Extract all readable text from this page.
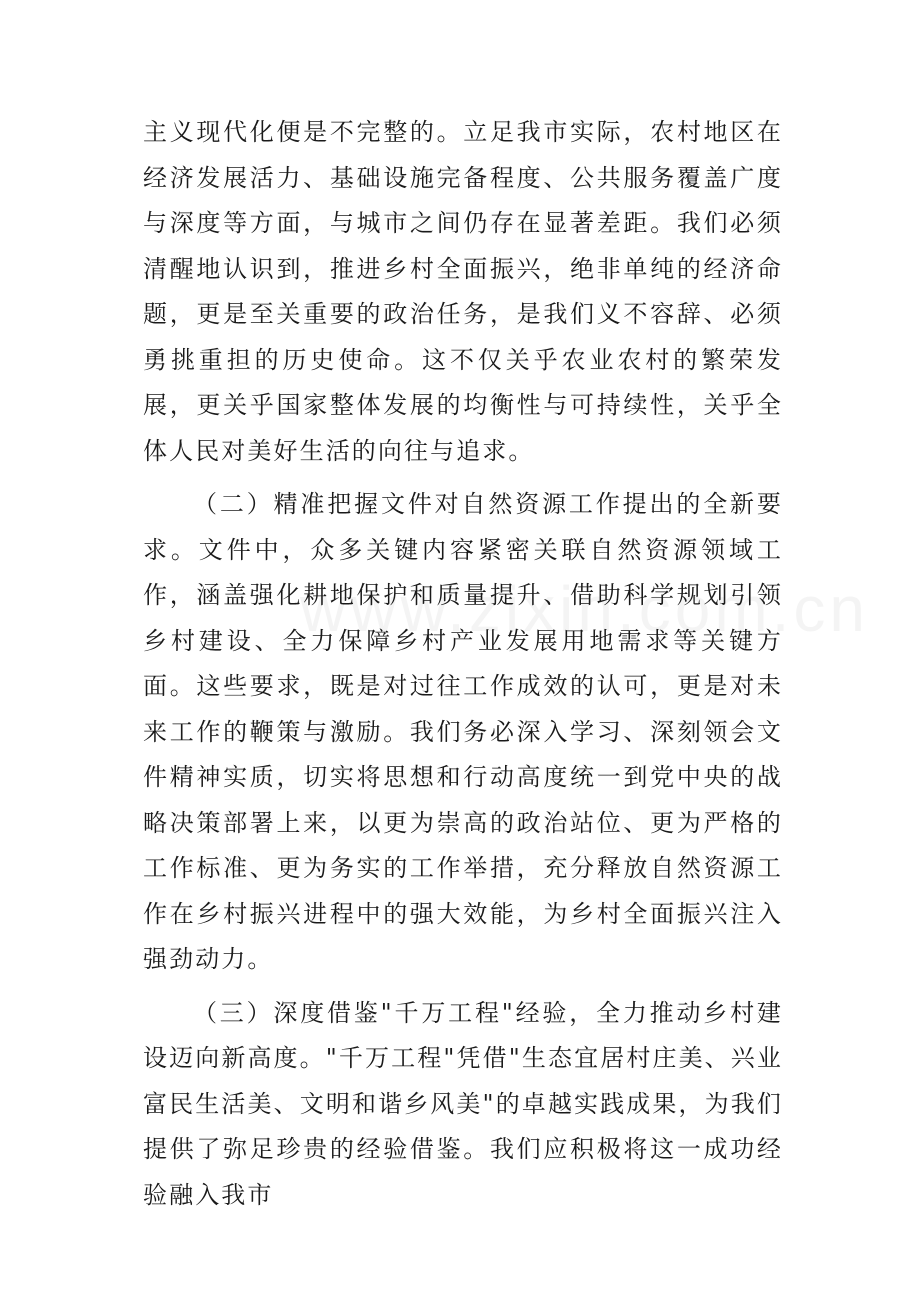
主义现代化便是不完整的。立足我市实际，农村地区在经济发展活力、基础设施完备程度、公共服务覆盖广度与深度等方面，与城市之间仍存在显著差距。我们必须清醒地认识到，推进乡村全面振兴，绝非单纯的经济命题，更是至关重要的政治任务，是我们义不容辞、必须勇挑重担的历史使命。这不仅关乎农业农村的繁荣发展，更关乎国家整体发展的均衡性与可持续性，关乎全体人民对美好生活的向往与追求。

（二）精准把握文件对自然资源工作提出的全新要求。文件中，众多关键内容紧密关联自然资源领域工作，涵盖强化耕地保护和质量提升、借助科学规划引领乡村建设、全力保障乡村产业发展用地需求等关键方面。这些要求，既是对过往工作成效的认可，更是对未来工作的鞭策与激励。我们务必深入学习、深刻领会文件精神实质，切实将思想和行动高度统一到党中央的战略决策部署上来，以更为崇高的政治站位、更为严格的工作标准、更为务实的工作举措，充分释放自然资源工作在乡村振兴进程中的强大效能，为乡村全面振兴注入强劲动力。

（三）深度借鉴"千万工程"经验，全力推动乡村建设迈向新高度。"千万工程"凭借"生态宜居村庄美、兴业富民生活美、文明和谐乡风美"的卓越实践成果，为我们提供了弥足珍贵的经验借鉴。我们应积极将这一成功经验融入我市
